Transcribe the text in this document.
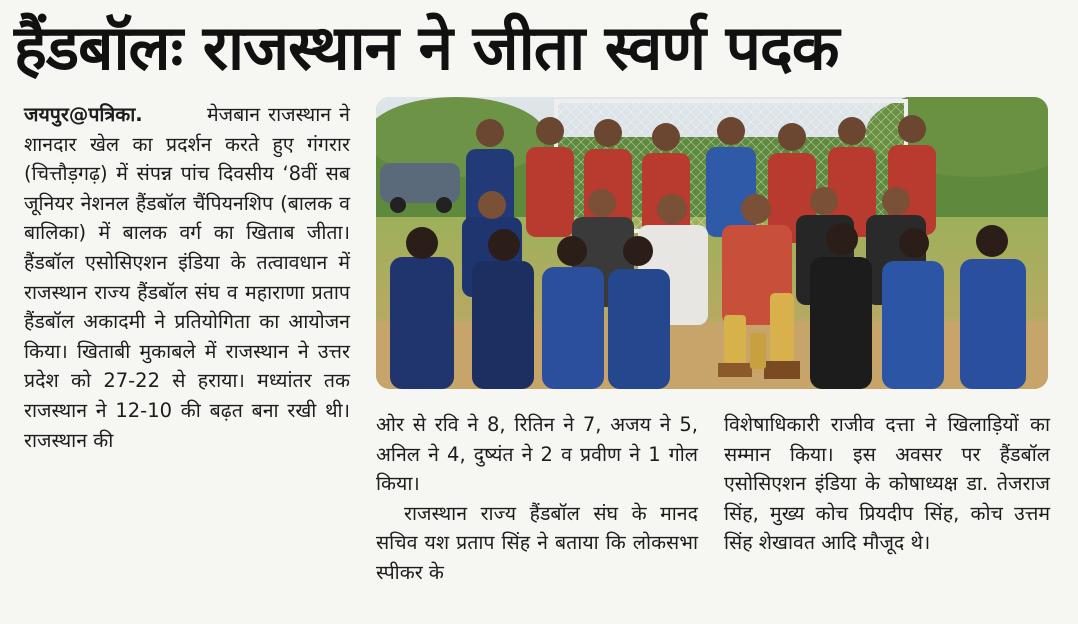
हैंडबॉलः राजस्थान ने जीता स्वर्ण पदक

जयपुर@पत्रिका.	मेजबान राजस्थान ने शानदार खेल का प्रदर्शन करते हुए गंगरार (चित्तौड़गढ़) में संपन्न पांच दिवसीय ‘8वीं सब जूनियर नेशनल हैंडबॉल चैंपियनशिप (बालक व बालिका) में बालक वर्ग का खिताब जीता। हैंडबॉल एसोसिएशन इंडिया के तत्वावधान में राजस्थान राज्य हैंडबॉल संघ व महाराणा प्रताप हैंडबॉल अकादमी ने प्रतियोगिता का आयोजन किया। खिताबी मुकाबले में राजस्थान ने उत्तर प्रदेश को 27-22 से हराया। मध्यांतर तक राजस्थान ने 12-10 की बढ़त बना रखी थी। राजस्थान की

ओर से रवि ने 8, रितिन ने 7, अजय ने 5, अनिल ने 4, दुष्यंत ने 2 व प्रवीण ने 1 गोल किया।

राजस्थान राज्य हैंडबॉल संघ के मानद सचिव यश प्रताप सिंह ने बताया कि लोकसभा स्पीकर के

विशेषाधिकारी राजीव दत्ता ने खिलाड़ियों का सम्मान किया। इस अवसर पर हैंडबॉल एसोसिएशन इंडिया के कोषाध्यक्ष डा. तेजराज सिंह, मुख्य कोच प्रियदीप सिंह, कोच उत्तम सिंह शेखावत आदि मौजूद थे।
